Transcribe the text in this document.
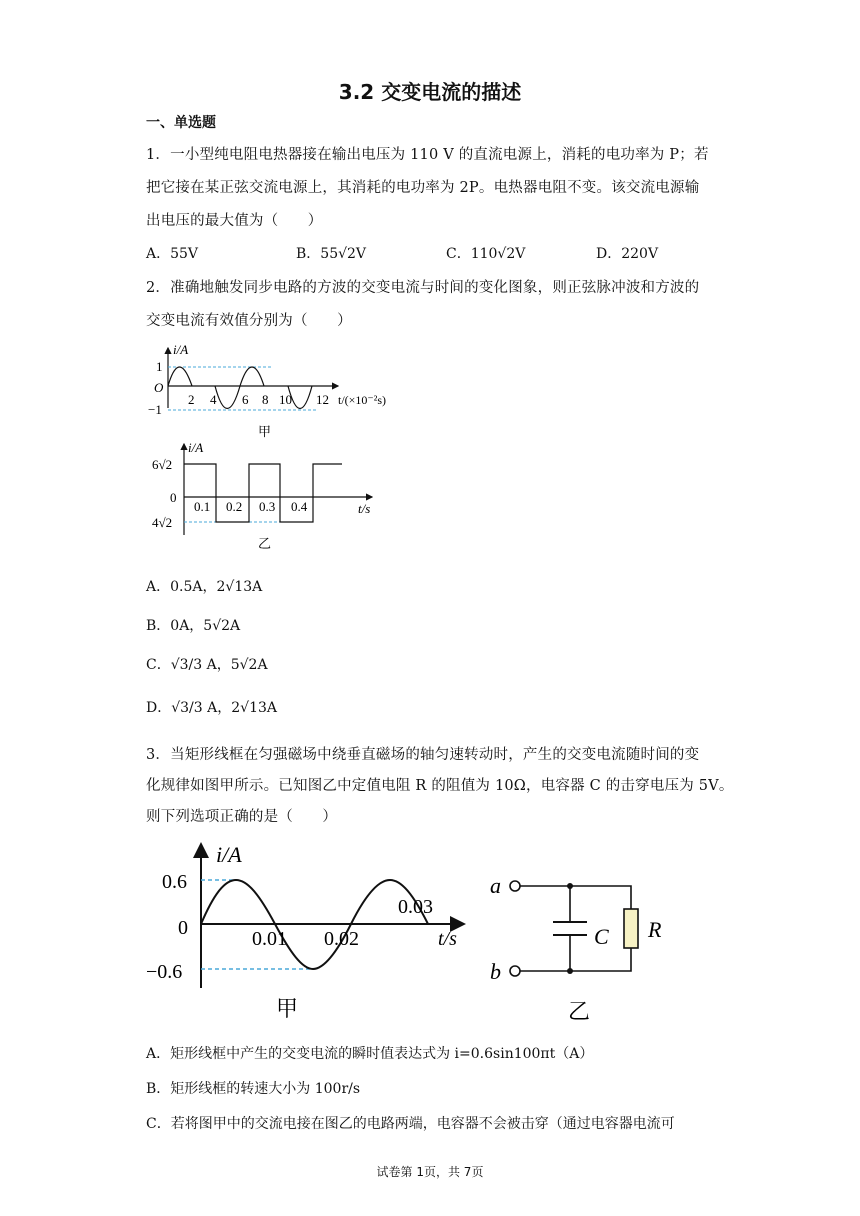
3.2 交变电流的描述
一、单选题
1．一小型纯电阻电热器接在输出电压为 110 V 的直流电源上，消耗的电功率为 P；若
把它接在某正弦交流电源上，其消耗的电功率为 2P。电热器电阻不变。该交流电源输
出电压的最大值为（　　）
A．55V	B．55√2V	C．110√2V	D．220V
2．准确地触发同步电路的方波的交变电流与时间的变化图象，则正弦脉冲波和方波的
交变电流有效值分别为（　　）
i/A
1
O
−1
2 4 6 8 10 12 t/(×10⁻²s)
甲
i/A
6√2
0
4√2
0.1 0.2 0.3 0.4	t/s
乙
A．0.5A，2√13A
B．0A，5√2A
C．√3/3 A，5√2A
D．√3/3 A，2√13A
3．当矩形线框在匀强磁场中绕垂直磁场的轴匀速转动时，产生的交变电流随时间的变
化规律如图甲所示。已知图乙中定值电阻 R 的阻值为 10Ω，电容器 C 的击穿电压为 5V。
则下列选项正确的是（　　）
i/A
0.6
0
−0.6
0.01 0.02
0.03
t/s
甲
a
b
C R
乙
A．矩形线框中产生的交变电流的瞬时值表达式为 i=0.6sin100πt（A）
B．矩形线框的转速大小为 100r/s
C．若将图甲中的交流电接在图乙的电路两端，电容器不会被击穿（通过电容器电流可
试卷第 1页，共 7页
